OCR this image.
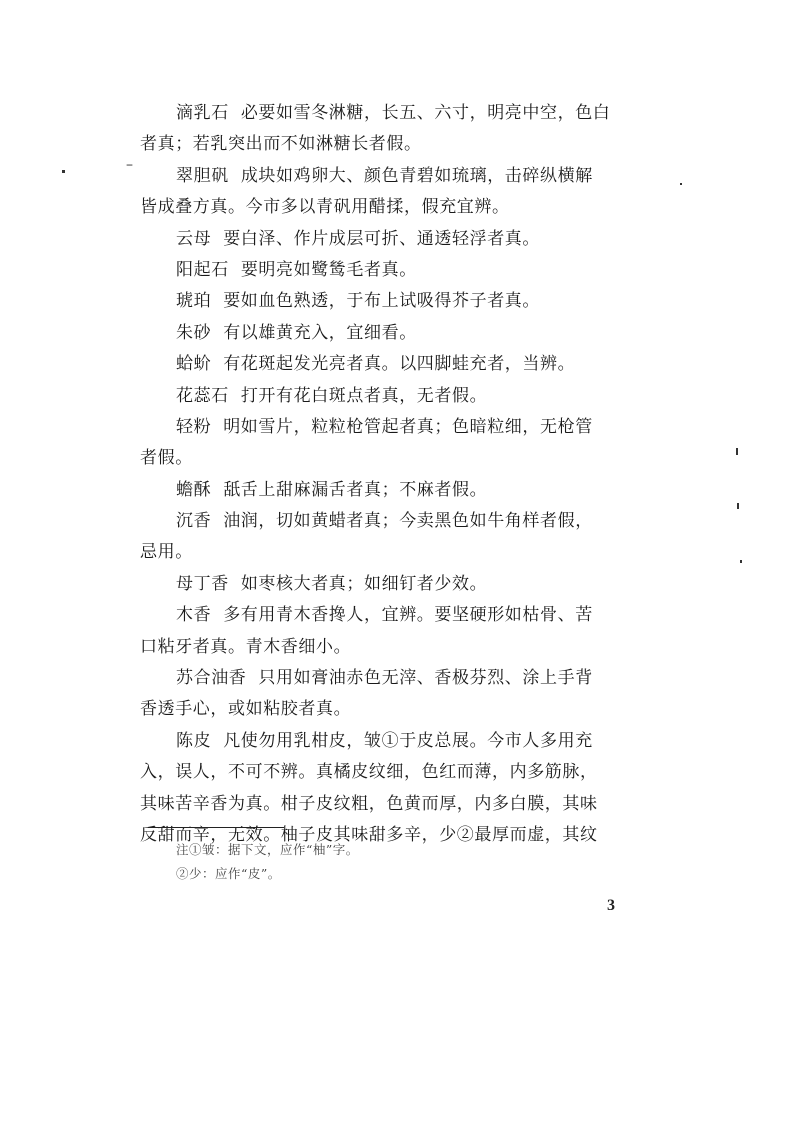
–
滴乳石 必要如雪冬淋糖，长五、六寸，明亮中空，色白
者真；若乳突出而不如淋糖长者假。
翠胆矾 成块如鸡卵大、颜色青碧如琉璃，击碎纵横解
皆成叠方真。今市多以青矾用醋揉，假充宜辨。
云母 要白泽、作片成层可折、通透轻浮者真。
阳起石 要明亮如鹭鸶毛者真。
琥珀 要如血色熟透，于布上试吸得芥子者真。
朱砂 有以雄黄充入，宜细看。
蛤蚧 有花斑起发光亮者真。以四脚蛙充者，当辨。
花蕊石 打开有花白斑点者真，无者假。
轻粉 明如雪片，粒粒枪管起者真；色暗粒细，无枪管
者假。
蟾酥 舐舌上甜麻漏舌者真；不麻者假。
沉香 油润，切如黄蜡者真；今卖黑色如牛角样者假，
忌用。
母丁香 如枣核大者真；如细钉者少效。
木香 多有用青木香搀人，宜辨。要坚硬形如枯骨、苦
口粘牙者真。青木香细小。
苏合油香 只用如膏油赤色无滓、香极芬烈、涂上手背
香透手心，或如粘胶者真。
陈皮 凡使勿用乳柑皮，皱①于皮总展。今市人多用充
入，误人，不可不辨。真橘皮纹细，色红而薄，内多筋脉，
其味苦辛香为真。柑子皮纹粗，色黄而厚，内多白膜，其味
反甜而辛，无效。柚子皮其味甜多辛，少②最厚而虚，其纹
注①皱：据下文，应作“柚”字。
②少：应作“皮”。
3
